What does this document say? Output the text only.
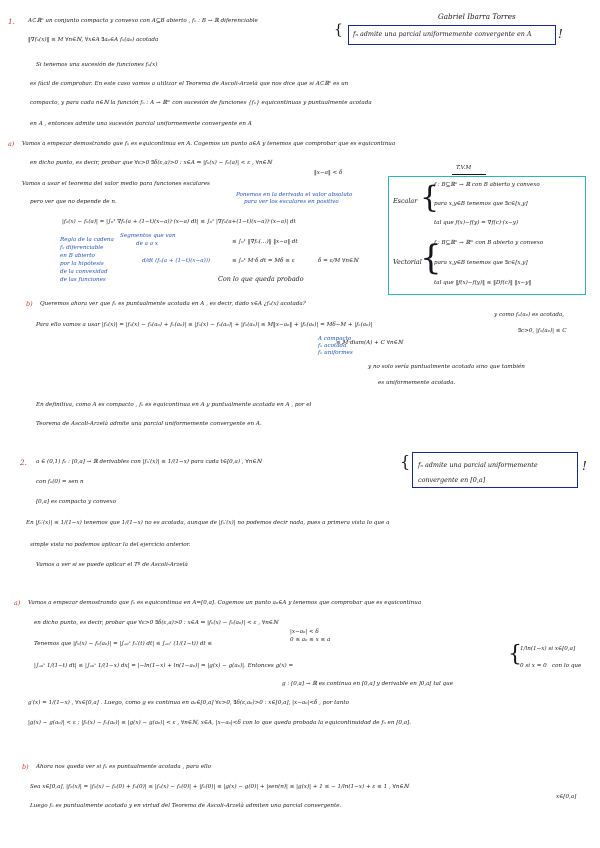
Gabriel Ibarra Torres
{ fₙ admite una parcial uniformemente convergente en A !
1. A⊂ℝⁿ un conjunto compacto y convexo con A⊆B abierto , fₙ : B → ℝ diferenciable
‖∇fₙ(x)‖ ≤ M ∀n∈ℕ, ∀x∈A ∃a₀∈A fₙ(a₀) acotada
Si tenemos una sucesión de funciones fₙ(x)
es fácil de comprobar. En este caso vamos a utilizar el Teorema de Ascoli-Arzelà que nos dice que si A⊂ℝⁿ es un
compacto, y para cada n∈ℕ la función fₙ : A → ℝᵐ con sucesión de funciones {fₙ} equicontinuas y puntualmente acotada
en A , entonces admite una sucesión parcial uniformemente convergente en A
a) Vamos a empezar demostrando que fₙ es equicontinua en A. Cogemos un punto a∈A y tenemos que comprobar que es equicontinua
en dicho punto, es decir, probar que ∀ε>0 ∃δ(ε,a)>0 : x∈A ⇒ |fₙ(x) − fₙ(a)| < ε , ∀n∈ℕ
‖x−a‖ < δ
Vamos a usar el teorema del valor medio para funciones escalares
pero ver que no depende de n.
Ponemos en la derivada el valor absoluto
para ver los escalares en positivo
|fₙ(x) − fₙ(a)| = |∫₀¹ ∇fₙ(a + (1−t)(x−a))·(x−a) dt| ≤ ∫₀¹ |∇fₙ(a+(1−t)(x−a))·(x−a)| dt
≤ ∫₀¹ ‖∇fₙ(…)‖ ‖x−a‖ dt
≤ ∫₀¹ M·δ dt = Mδ ≤ ε	δ = ε/M ∀n∈ℕ
Segmentos que van
de a a x
Regla de la cadena
fₙ diferenciable
en B abierto
por la hipótesis
de la convexidad
de las funciones
d/dt (fₙ(a + (1−t)(x−a)))
Con lo que queda probado
T.V.M
Escalar {
f : B⊆ℝⁿ → ℝ con B abierto y convexo
para x,y∈B tenemos que ∃c∈[x,y]
tal que f(x)−f(y) = ∇f(c)·(x−y)
Vectorial
{
f : B⊆ℝⁿ → ℝᵐ con B abierto y convexo
para x,y∈B tenemos que ∃c∈[x,y]
tal que ‖f(x)−f(y)‖ ≤ ‖Df(c)‖ ‖x−y‖
b) Queremos ahora ver que fₙ es puntualmente acotada en A , es decir, dado x∈A ¿fₙ(x) acotada?
Para ello vamos a usar |fₙ(x)| = |fₙ(x) − fₙ(a₀) + fₙ(a₀)| ≤ |fₙ(x) − fₙ(a₀)| + |fₙ(a₀)| ≤ M‖x−a₀‖ + |fₙ(a₀)| = Mδ−M + |fₙ(a₀)|
y como fₙ(a₀) es acotada,
∃c>0, |fₙ(a₀)| ≤ C
≤ M·diam(A) + C ∀n∈ℕ
A compacto
fₙ acotada
fₙ uniformes
y no solo sería puntualmente acotada sino que también
es uniformemente acotada.
En definitiva, como A es compacto , fₙ es equicontinua en A y puntualmente acotada en A , por el
Teorema de Ascoli-Arzelà admite una parcial uniformemente convergente en A.
2. a ∈ (0,1) fₙ : [0,a] → ℝ derivables con |fₙ′(x)| ≤ 1/(1−x) para cada t∈[0,a) , ∀n∈ℕ	{ fₙ admite una parcial uniformemente convergente en [0,a]
!
con fₙ(0) = sen n
[0,a] es compacto y convexo
En |fₙ′(x)| ≤ 1/(1−x) tenemos que 1/(1−x) no es acotada, aunque de |fₙ′(x)| no podemos decir nada, pues a primera vista lo que a
simple vista no podemos aplicar la del ejercicio anterior.
Vamos a ver si se puede aplicar el Tº de Ascoli-Arzelà
a) Vamos a empezar demostrando que fₙ es equicontinua en A=[0,a]. Cogemos un punto a₀∈A y tenemos que comprobar que es equicontinua
en dicho punto, es decir, probar que ∀ε>0 ∃δ(ε,a)>0 : x∈A ⇒ |fₙ(x) − fₙ(a₀)| < ε , ∀n∈ℕ
|x−a₀| < δ
0 ≤ a₀ ≤ x ≤ a
Tenemos que |fₙ(x) − fₙ(a₀)| = |∫ₐ₀ˣ fₙ′(t) dt| ≤ ∫ₐ₀ˣ (1/(1−t)) dt ≤
|∫ₐ₀ˣ 1/(1−t) dt| ≤ |∫ₐ₀ˣ 1/(1−x) dx| = |−ln(1−x) + ln(1−a₀)| = |g(x) − g(a₀)|. Entonces g(x) =	{
1/ln(1−x) si x∈[0,a]
0 si x = 0 con lo que
g : [0,a] → ℝ es continua en [0,a] y derivable en ]0,a[ tal que
g′(x) = 1/(1−x) , ∀x∈[0,a] . Luego, como g es continua en a₀∈[0,a] ∀ε>0, ∃δ(ε,a₀)>0 : x∈[0,a], |x−a₀|<δ , por tanto
|g(x) − g(a₀)| < ε ; |fₙ(x) − fₙ(a₀)| ≤ |g(x) − g(a₀)| < ε , ∀n∈ℕ, x∈A, |x−a₀|<δ con lo que queda probada la equicontinuidad de fₙ en [0,a].
b) Ahora nos queda ver si fₙ es puntualmente acotada , para ello
Sea x∈[0,a], |fₙ(x)| = |fₙ(x) − fₙ(0) + fₙ(0)| ≤ |fₙ(x) − fₙ(0)| + |fₙ(0)| ≤ |g(x) − g(0)| + |sen(n)| ≤ |g(x)| + 1 ≤ − 1/ln(1−x) + ε ≤ 1 , ∀n∈ℕ
x∈[0,a]
Luego fₙ es puntualmente acotada y en virtud del Teorema de Ascoli-Arzelà admiten una parcial convergente.
